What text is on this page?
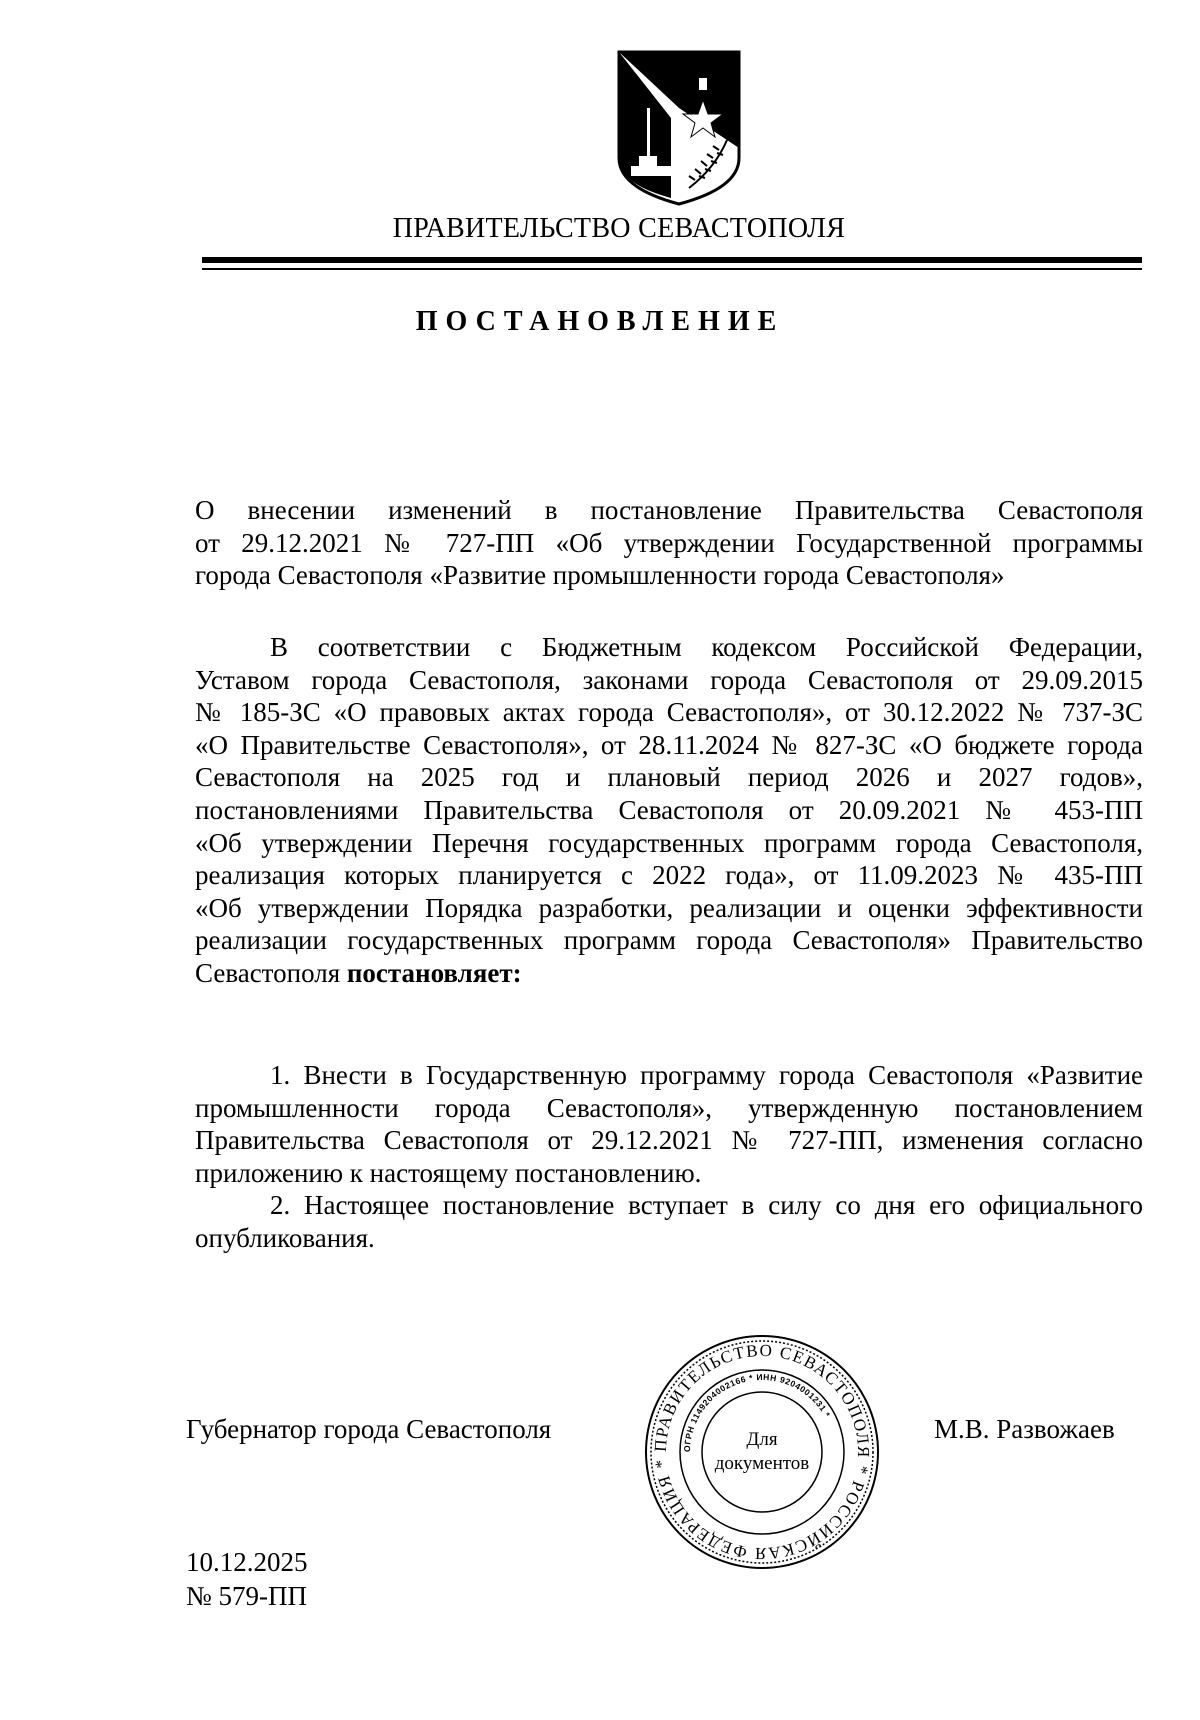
ПРАВИТЕЛЬСТВО СЕВАСТОПОЛЯ
ПОСТАНОВЛЕНИЕ
О внесении изменений в постановление Правительства Севастополя
от 29.12.2021 № 727-ПП «Об утверждении Государственной программы
города Севастополя «Развитие промышленности города Севастополя»
В соответствии с Бюджетным кодексом Российской Федерации,
Уставом города Севастополя, законами города Севастополя от 29.09.2015
№ 185-ЗС «О правовых актах города Севастополя», от 30.12.2022 № 737-ЗС
«О Правительстве Севастополя», от 28.11.2024 № 827-ЗС «О бюджете города
Севастополя на 2025 год и плановый период 2026 и 2027 годов»,
постановлениями Правительства Севастополя от 20.09.2021 № 453-ПП
«Об утверждении Перечня государственных программ города Севастополя,
реализация которых планируется с 2022 года», от 11.09.2023 № 435-ПП
«Об утверждении Порядка разработки, реализации и оценки эффективности
реализации государственных программ города Севастополя» Правительство
Севастополя постановляет:
1. Внести в Государственную программу города Севастополя «Развитие
промышленности города Севастополя», утвержденную постановлением
Правительства Севастополя от 29.12.2021 № 727-ПП, изменения согласно
приложению к настоящему постановлению.
2. Настоящее постановление вступает в силу со дня его официального
опубликования.
Губернатор города Севастополя
ПРАВИТЕЛЬСТВО СЕВАСТОПОЛЯ * РОССИЙСКАЯ ФЕДЕРАЦИЯ *
ОГРН 1149204002166 * ИНН 9204001231 *
Для
документов
М.В. Развожаев
10.12.2025
№ 579-ПП
